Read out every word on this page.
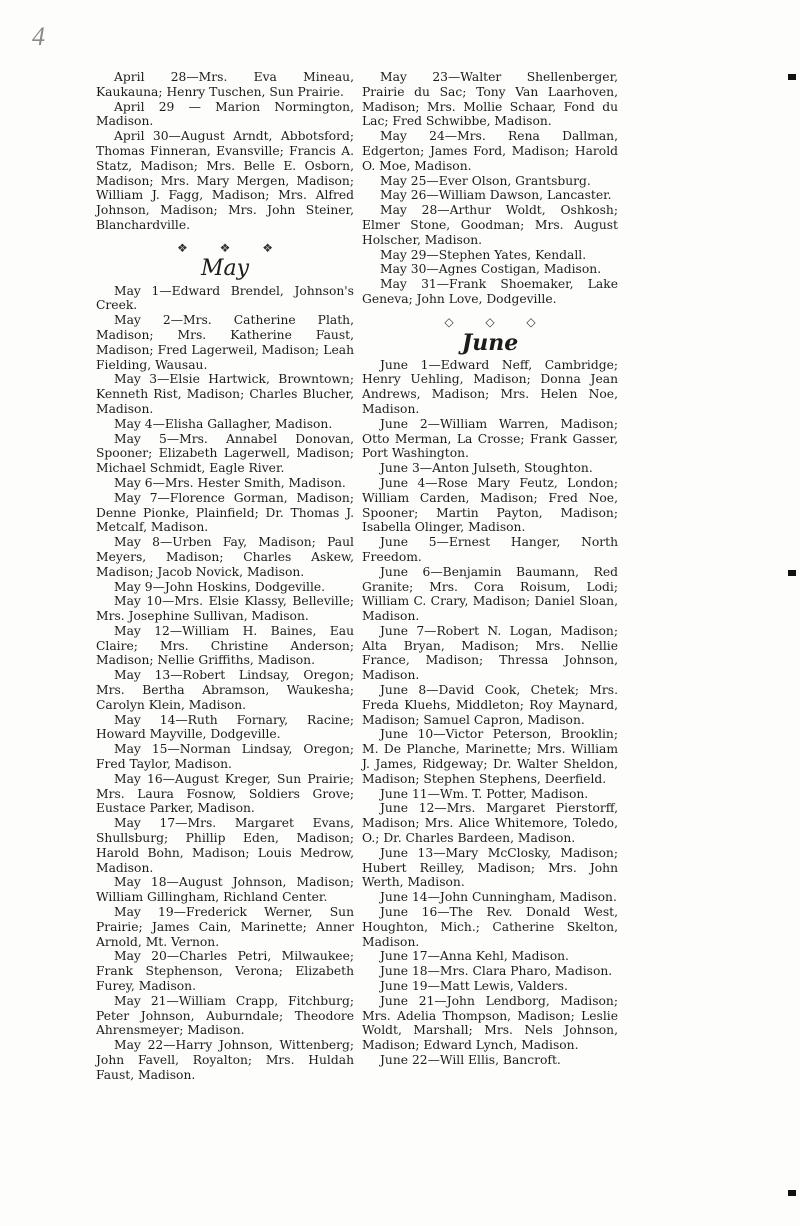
4

April 28—Mrs. Eva Mineau, Kaukauna; Henry Tuschen, Sun Prairie.

April 29 — Marion Normington, Madison.

April 30—August Arndt, Abbotsford; Thomas Finneran, Evansville; Francis A. Statz, Madison; Mrs. Belle E. Osborn, Madison; Mrs. Mary Mergen, Madison; William J. Fagg, Madison; Mrs. Alfred Johnson, Madison; Mrs. John Steiner, Blanchardville.

❖ ❖ ❖
May

May 1—Edward Brendel, Johnson's Creek.

May 2—Mrs. Catherine Plath, Madison; Mrs. Katherine Faust, Madison; Fred Lagerweil, Madison; Leah Fielding, Wausau.

May 3—Elsie Hartwick, Browntown; Kenneth Rist, Madison; Charles Blucher, Madison.

May 4—Elisha Gallagher, Madison.

May 5—Mrs. Annabel Donovan, Spooner; Elizabeth Lagerwell, Madison; Michael Schmidt, Eagle River.

May 6—Mrs. Hester Smith, Madison.

May 7—Florence Gorman, Madison; Denne Pionke, Plainfield; Dr. Thomas J. Metcalf, Madison.

May 8—Urben Fay, Madison; Paul Meyers, Madison; Charles Askew, Madison; Jacob Novick, Madison.

May 9—John Hoskins, Dodgeville.

May 10—Mrs. Elsie Klassy, Belleville; Mrs. Josephine Sullivan, Madison.

May 12—William H. Baines, Eau Claire; Mrs. Christine Anderson; Madison; Nellie Griffiths, Madison.

May 13—Robert Lindsay, Oregon; Mrs. Bertha Abramson, Waukesha; Carolyn Klein, Madison.

May 14—Ruth Fornary, Racine; Howard Mayville, Dodgeville.

May 15—Norman Lindsay, Oregon; Fred Taylor, Madison.

May 16—August Kreger, Sun Prairie; Mrs. Laura Fosnow, Soldiers Grove; Eustace Parker, Madison.

May 17—Mrs. Margaret Evans, Shullsburg; Phillip Eden, Madison; Harold Bohn, Madison; Louis Medrow, Madison.

May 18—August Johnson, Madison; William Gillingham, Richland Center.

May 19—Frederick Werner, Sun Prairie; James Cain, Marinette; Anner Arnold, Mt. Vernon.

May 20—Charles Petri, Milwaukee; Frank Stephenson, Verona; Elizabeth Furey, Madison.

May 21—William Crapp, Fitchburg; Peter Johnson, Auburndale; Theodore Ahrensmeyer; Madison.

May 22—Harry Johnson, Wittenberg; John Favell, Royalton; Mrs. Huldah Faust, Madison.

May 23—Walter Shellenberger, Prairie du Sac; Tony Van Laarhoven, Madison; Mrs. Mollie Schaar, Fond du Lac; Fred Schwibbe, Madison.

May 24—Mrs. Rena Dallman, Edgerton; James Ford, Madison; Harold O. Moe, Madison.

May 25—Ever Olson, Grantsburg.

May 26—William Dawson, Lancaster.

May 28—Arthur Woldt, Oshkosh; Elmer Stone, Goodman; Mrs. August Holscher, Madison.

May 29—Stephen Yates, Kendall.

May 30—Agnes Costigan, Madison.

May 31—Frank Shoemaker, Lake Geneva; John Love, Dodgeville.

◇ ◇ ◇
June

June 1—Edward Neff, Cambridge; Henry Uehling, Madison; Donna Jean Andrews, Madison; Mrs. Helen Noe, Madison.

June 2—William Warren, Madison; Otto Merman, La Crosse; Frank Gasser, Port Washington.

June 3—Anton Julseth, Stoughton.

June 4—Rose Mary Feutz, London; William Carden, Madison; Fred Noe, Spooner; Martin Payton, Madison; Isabella Olinger, Madison.

June 5—Ernest Hanger, North Freedom.

June 6—Benjamin Baumann, Red Granite; Mrs. Cora Roisum, Lodi; William C. Crary, Madison; Daniel Sloan, Madison.

June 7—Robert N. Logan, Madison; Alta Bryan, Madison; Mrs. Nellie France, Madison; Thressa Johnson, Madison.

June 8—David Cook, Chetek; Mrs. Freda Kluehs, Middleton; Roy Maynard, Madison; Samuel Capron, Madison.

June 10—Victor Peterson, Brooklin; M. De Planche, Marinette; Mrs. William J. James, Ridgeway; Dr. Walter Sheldon, Madison; Stephen Stephens, Deerfield.

June 11—Wm. T. Potter, Madison.

June 12—Mrs. Margaret Pierstorff, Madison; Mrs. Alice Whitemore, Toledo, O.; Dr. Charles Bardeen, Madison.

June 13—Mary McClosky, Madison; Hubert Reilley, Madison; Mrs. John Werth, Madison.

June 14—John Cunningham, Madison.

June 16—The Rev. Donald West, Houghton, Mich.; Catherine Skelton, Madison.

June 17—Anna Kehl, Madison.

June 18—Mrs. Clara Pharo, Madison.

June 19—Matt Lewis, Valders.

June 21—John Lendborg, Madison; Mrs. Adelia Thompson, Madison; Leslie Woldt, Marshall; Mrs. Nels Johnson, Madison; Edward Lynch, Madison.

June 22—Will Ellis, Bancroft.
